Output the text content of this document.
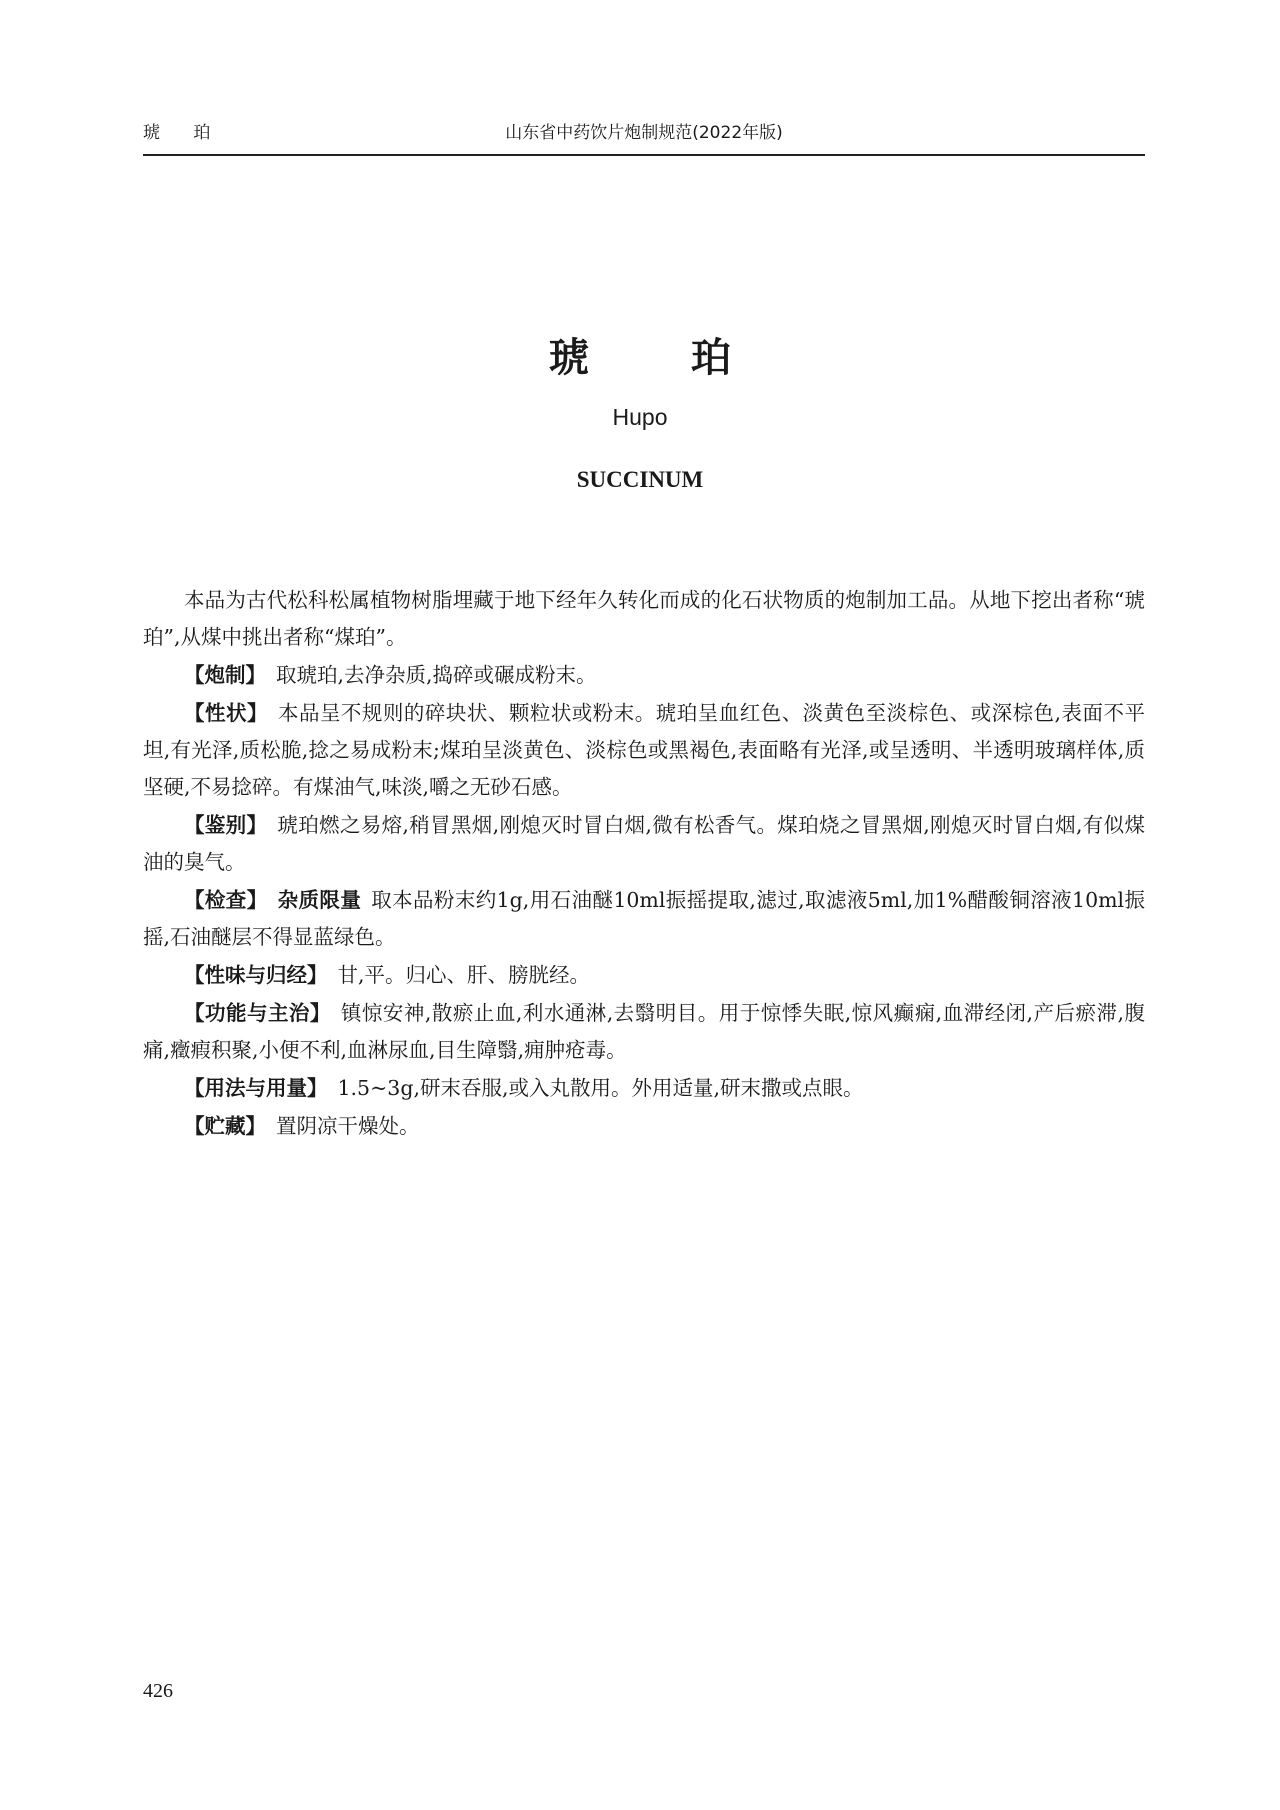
琥 珀	山东省中药饮片炮制规范(2022年版)
琥 珀
Hupo
SUCCINUM

本品为古代松科松属植物树脂埋藏于地下经年久转化而成的化石状物质的炮制加工品。从地下挖出者称“琥珀”,从煤中挑出者称“煤珀”。

【炮制】 取琥珀,去净杂质,捣碎或碾成粉末。

【性状】 本品呈不规则的碎块状、颗粒状或粉末。琥珀呈血红色、淡黄色至淡棕色、或深棕色,表面不平坦,有光泽,质松脆,捻之易成粉末;煤珀呈淡黄色、淡棕色或黑褐色,表面略有光泽,或呈透明、半透明玻璃样体,质坚硬,不易捻碎。有煤油气,味淡,嚼之无砂石感。

【鉴别】 琥珀燃之易熔,稍冒黑烟,刚熄灭时冒白烟,微有松香气。煤珀烧之冒黑烟,刚熄灭时冒白烟,有似煤油的臭气。

【检查】 杂质限量 取本品粉末约1g,用石油醚10ml振摇提取,滤过,取滤液5ml,加1%醋酸铜溶液10ml振摇,石油醚层不得显蓝绿色。

【性味与归经】 甘,平。归心、肝、膀胱经。

【功能与主治】 镇惊安神,散瘀止血,利水通淋,去翳明目。用于惊悸失眠,惊风癫痫,血滞经闭,产后瘀滞,腹痛,癥瘕积聚,小便不利,血淋尿血,目生障翳,痈肿疮毒。

【用法与用量】 1.5~3g,研末吞服,或入丸散用。外用适量,研末撒或点眼。

【贮藏】 置阴凉干燥处。

426
